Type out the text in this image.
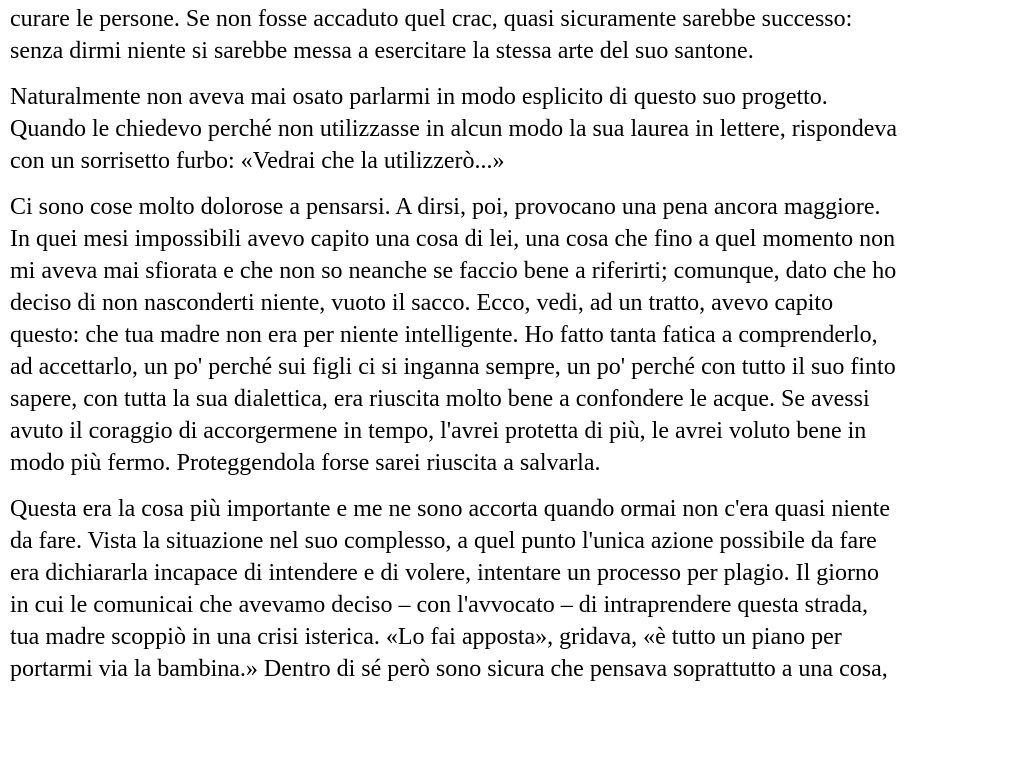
curare le persone. Se non fosse accaduto quel crac, quasi sicuramente sarebbe successo:
senza dirmi niente si sarebbe messa a esercitare la stessa arte del suo santone.
Naturalmente non aveva mai osato parlarmi in modo esplicito di questo suo progetto.
Quando le chiedevo perché non utilizzasse in alcun modo la sua laurea in lettere, rispondeva
con un sorrisetto furbo: «Vedrai che la utilizzerò...»
Ci sono cose molto dolorose a pensarsi. A dirsi, poi, provocano una pena ancora maggiore.
In quei mesi impossibili avevo capito una cosa di lei, una cosa che fino a quel momento non
mi aveva mai sfiorata e che non so neanche se faccio bene a riferirti; comunque, dato che ho
deciso di non nasconderti niente, vuoto il sacco. Ecco, vedi, ad un tratto, avevo capito
questo: che tua madre non era per niente intelligente. Ho fatto tanta fatica a comprenderlo,
ad accettarlo, un po' perché sui figli ci si inganna sempre, un po' perché con tutto il suo finto
sapere, con tutta la sua dialettica, era riuscita molto bene a confondere le acque. Se avessi
avuto il coraggio di accorgermene in tempo, l'avrei protetta di più, le avrei voluto bene in
modo più fermo. Proteggendola forse sarei riuscita a salvarla.
Questa era la cosa più importante e me ne sono accorta quando ormai non c'era quasi niente
da fare. Vista la situazione nel suo complesso, a quel punto l'unica azione possibile da fare
era dichiararla incapace di intendere e di volere, intentare un processo per plagio. Il giorno
in cui le comunicai che avevamo deciso – con l'avvocato – di intraprendere questa strada,
tua madre scoppiò in una crisi isterica. «Lo fai apposta», gridava, «è tutto un piano per
portarmi via la bambina.» Dentro di sé però sono sicura che pensava soprattutto a una cosa,
